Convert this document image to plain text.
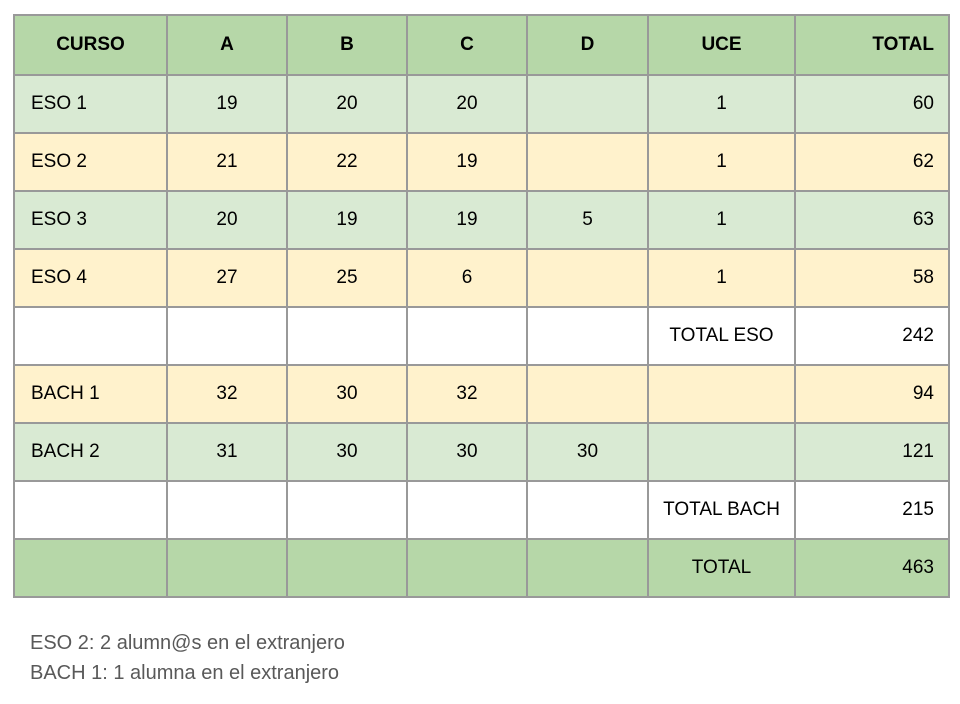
CURSO	A	B	C	D	UCE	TOTAL
ESO 1	19	20	20		1	60
ESO 2	21	22	19		1	62
ESO 3	20	19	19	5	1	63
ESO 4	27	25	6		1	58
					TOTAL ESO	242
BACH 1	32	30	32			94
BACH 2	31	30	30	30		121
					TOTAL BACH	215
					TOTAL	463
ESO 2: 2 alumn@s en el extranjero
BACH 1: 1 alumna en el extranjero
